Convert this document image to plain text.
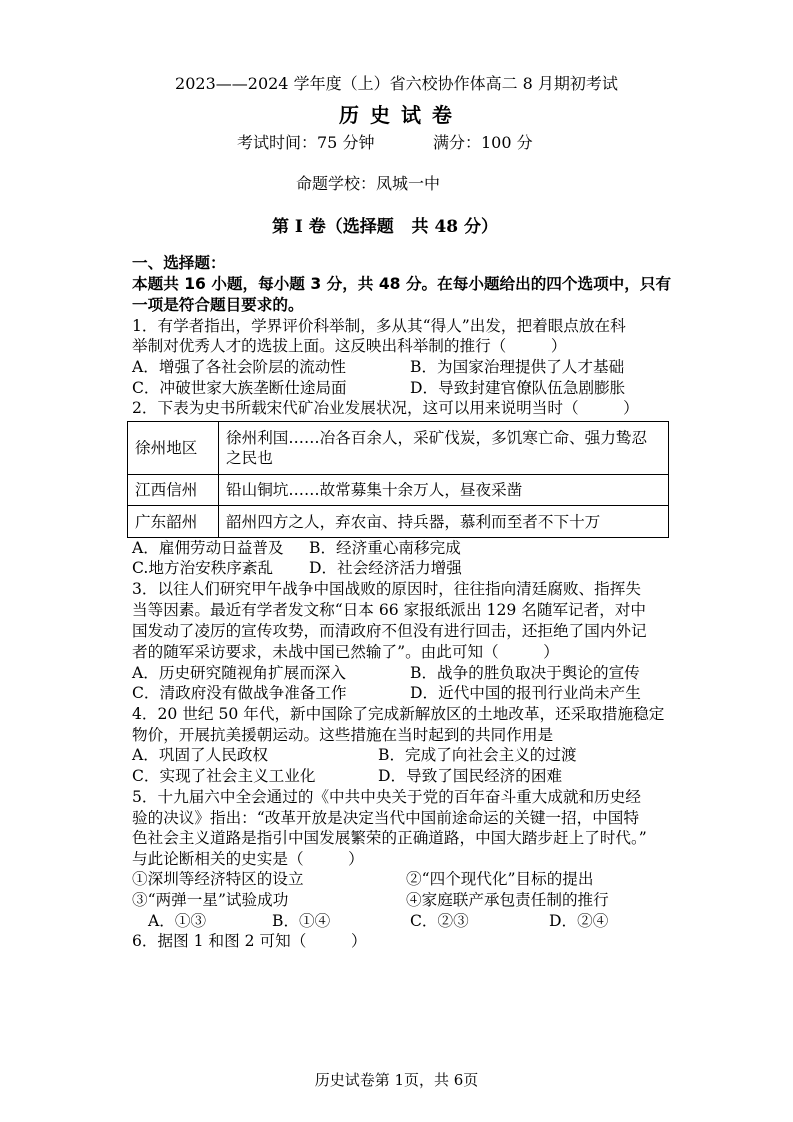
2023——2024 学年度（上）省六校协作体高二 8 月期初考试
历 史 试 卷
考试时间：75 分钟	满分：100 分
命题学校：凤城一中
第 I 卷（选择题   共 48 分）
一、选择题：
本题共 16 小题，每小题 3 分，共 48 分。在每小题给出的四个选项中，只有
一项是符合题目要求的。
1．有学者指出，学界评价科举制，多从其“得人”出发，把着眼点放在科
举制对优秀人才的选拔上面。这反映出科举制的推行（         ）
A．增强了各社会阶层的流动性	B．为国家治理提供了人才基础
C．冲破世家大族垄断仕途局面	D．导致封建官僚队伍急剧膨胀
2．下表为史书所载宋代矿冶业发展状况，这可以用来说明当时（         ）
徐州地区	徐州利国……冶各百余人，采矿伐炭，多饥寒亡命、强力鸷忍之民也
江西信州	铅山铜坑……故常募集十余万人，昼夜采凿
广东韶州	韶州四方之人，弃农亩、持兵器，慕利而至者不下十万
A．雇佣劳动日益普及 B．经济重心南移完成
C.地方治安秩序紊乱 D．社会经济活力增强
3．以往人们研究甲午战争中国战败的原因时，往往指向清廷腐败、指挥失
当等因素。最近有学者发文称“日本 66 家报纸派出 129 名随军记者，对中
国发动了凌厉的宣传攻势，而清政府不但没有进行回击，还拒绝了国内外记
者的随军采访要求，未战中国已然输了”。由此可知（         ）
A．历史研究随视角扩展而深入	B．战争的胜负取决于舆论的宣传
C．清政府没有做战争准备工作	D．近代中国的报刊行业尚未产生
4．20 世纪 50 年代，新中国除了完成新解放区的土地改革，还采取措施稳定
物价，开展抗美援朝运动。这些措施在当时起到的共同作用是
A．巩固了人民政权	B．完成了向社会主义的过渡
C．实现了社会主义工业化	D．导致了国民经济的困难
5．十九届六中全会通过的《中共中央关于党的百年奋斗重大成就和历史经
验的决议》指出：“改革开放是决定当代中国前途命运的关键一招，中国特
色社会主义道路是指引中国发展繁荣的正确道路，中国大踏步赶上了时代。”
与此论断相关的史实是（         ）
①深圳等经济特区的设立	②“四个现代化”目标的提出
③“两弹一星”试验成功	④家庭联产承包责任制的推行
A．①③	B．①④	C．②③	D．②④
6．据图 1 和图 2 可知（         ）
历史试卷第 1页，共 6页
